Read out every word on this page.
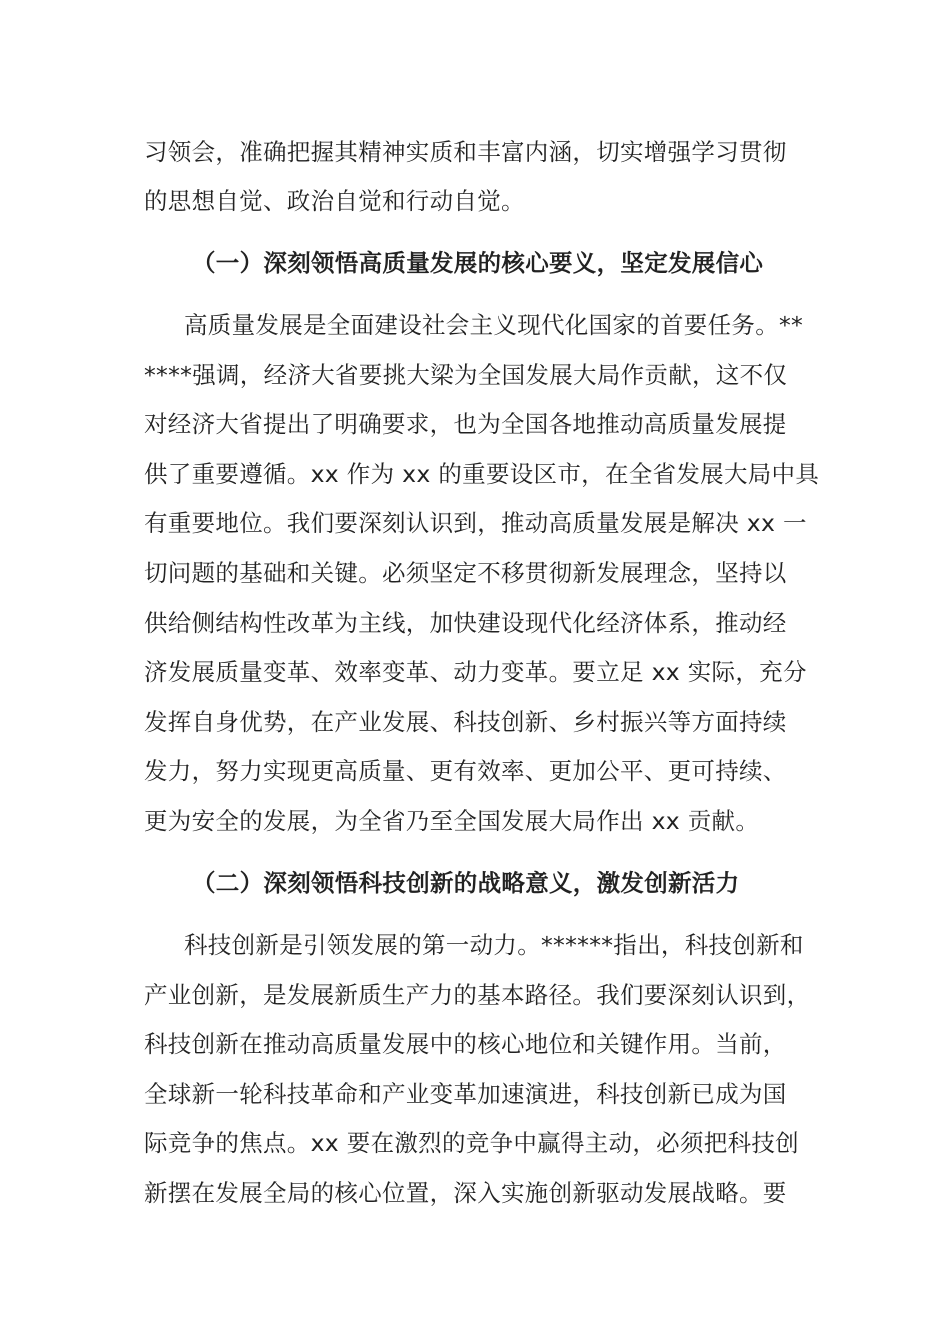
习领会，准确把握其精神实质和丰富内涵，切实增强学习贯彻
的思想自觉、政治自觉和行动自觉。
（一）深刻领悟高质量发展的核心要义，坚定发展信心
高质量发展是全面建设社会主义现代化国家的首要任务。**
****强调，经济大省要挑大梁为全国发展大局作贡献，这不仅
对经济大省提出了明确要求，也为全国各地推动高质量发展提
供了重要遵循。xx 作为 xx 的重要设区市，在全省发展大局中具
有重要地位。我们要深刻认识到，推动高质量发展是解决 xx 一
切问题的基础和关键。必须坚定不移贯彻新发展理念，坚持以
供给侧结构性改革为主线，加快建设现代化经济体系，推动经
济发展质量变革、效率变革、动力变革。要立足 xx 实际，充分
发挥自身优势，在产业发展、科技创新、乡村振兴等方面持续
发力，努力实现更高质量、更有效率、更加公平、更可持续、
更为安全的发展，为全省乃至全国发展大局作出 xx 贡献。
（二）深刻领悟科技创新的战略意义，激发创新活力
科技创新是引领发展的第一动力。******指出，科技创新和
产业创新，是发展新质生产力的基本路径。我们要深刻认识到，
科技创新在推动高质量发展中的核心地位和关键作用。当前，
全球新一轮科技革命和产业变革加速演进，科技创新已成为国
际竞争的焦点。xx 要在激烈的竞争中赢得主动，必须把科技创
新摆在发展全局的核心位置，深入实施创新驱动发展战略。要
